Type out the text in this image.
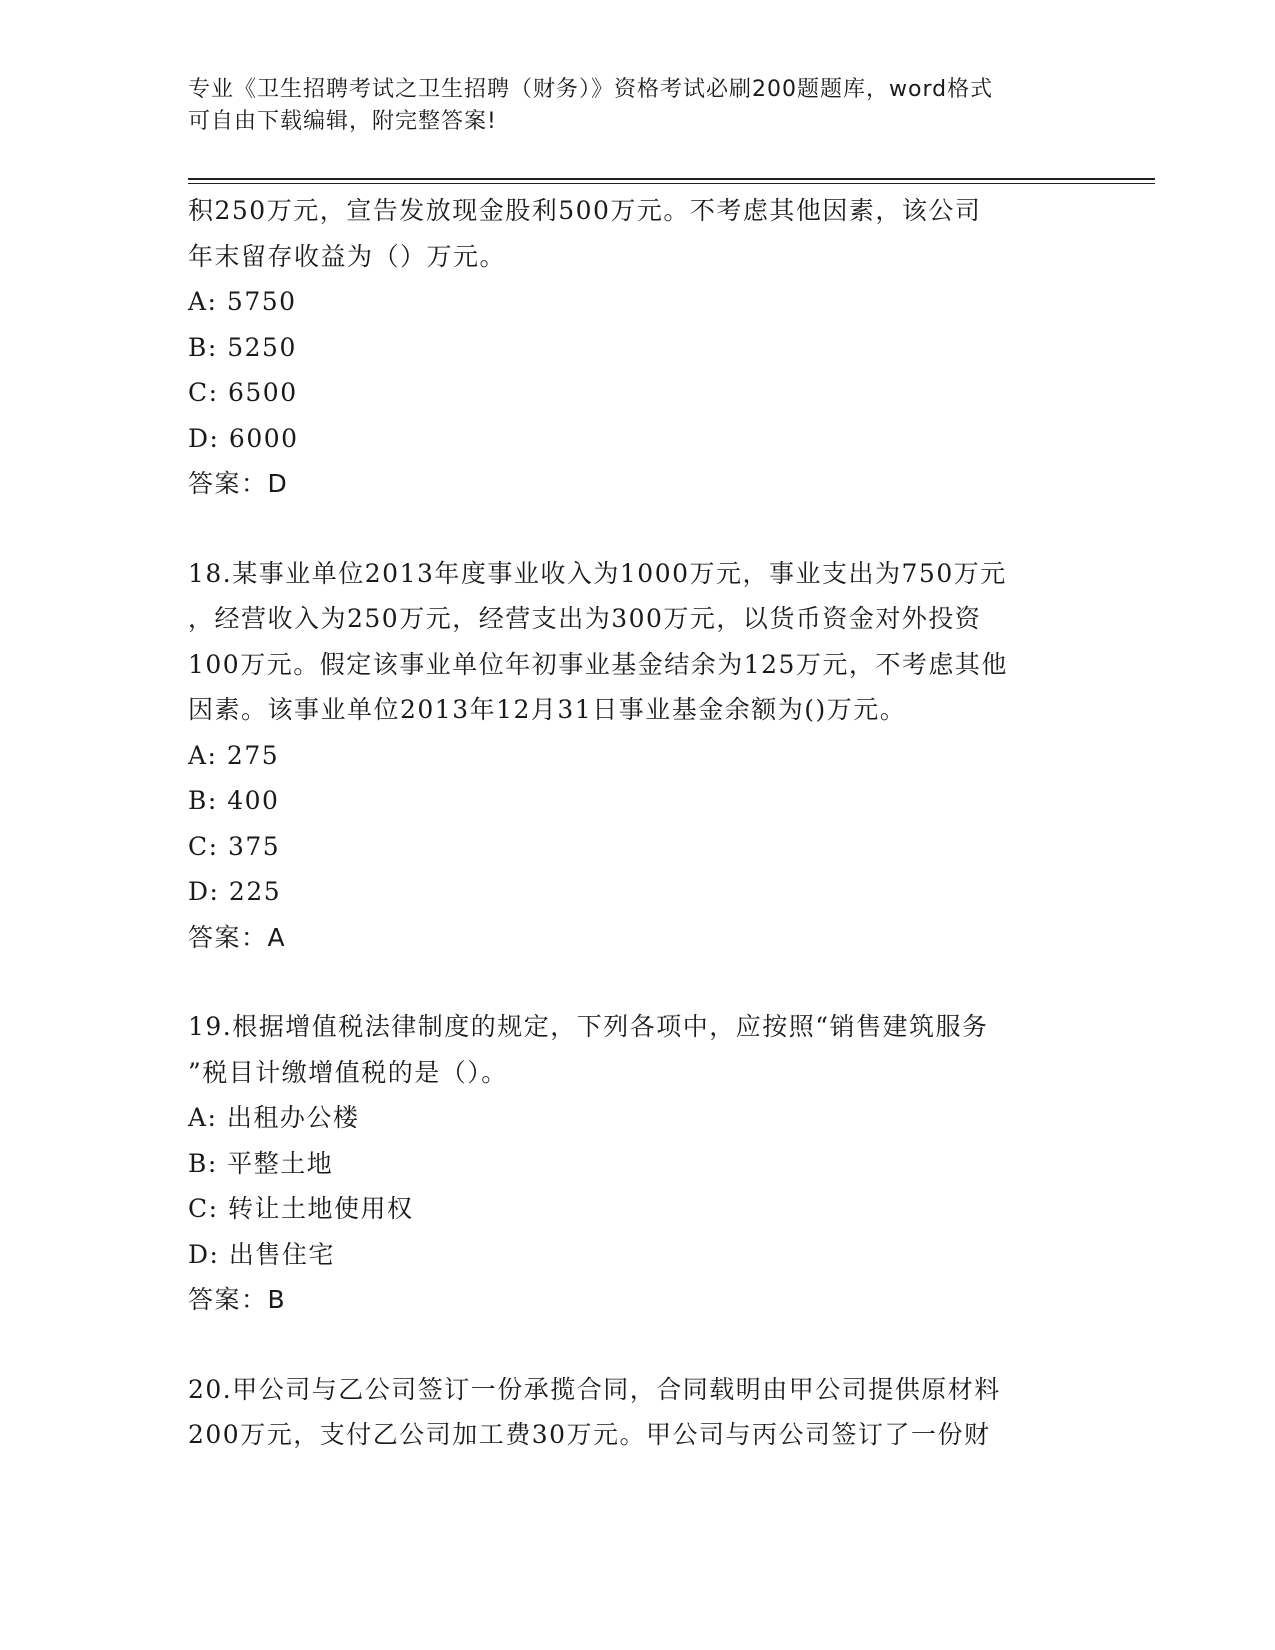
专业《卫生招聘考试之卫生招聘（财务）》资格考试必刷200题题库，word格式
可自由下载编辑，附完整答案!
积250万元，宣告发放现金股利500万元。不考虑其他因素，该公司
年末留存收益为（）万元。
A: 5750
B: 5250
C: 6500
D: 6000
答案：D
18.某事业单位2013年度事业收入为1000万元，事业支出为750万元
，经营收入为250万元，经营支出为300万元，以货币资金对外投资
100万元。假定该事业单位年初事业基金结余为125万元，不考虑其他
因素。该事业单位2013年12月31日事业基金余额为()万元。
A: 275
B: 400
C: 375
D: 225
答案：A
19.根据增值税法律制度的规定，下列各项中，应按照“销售建筑服务
”税目计缴增值税的是（）。
A: 出租办公楼
B: 平整土地
C: 转让土地使用权
D: 出售住宅
答案：B
20.甲公司与乙公司签订一份承揽合同，合同载明由甲公司提供原材料
200万元，支付乙公司加工费30万元。甲公司与丙公司签订了一份财
